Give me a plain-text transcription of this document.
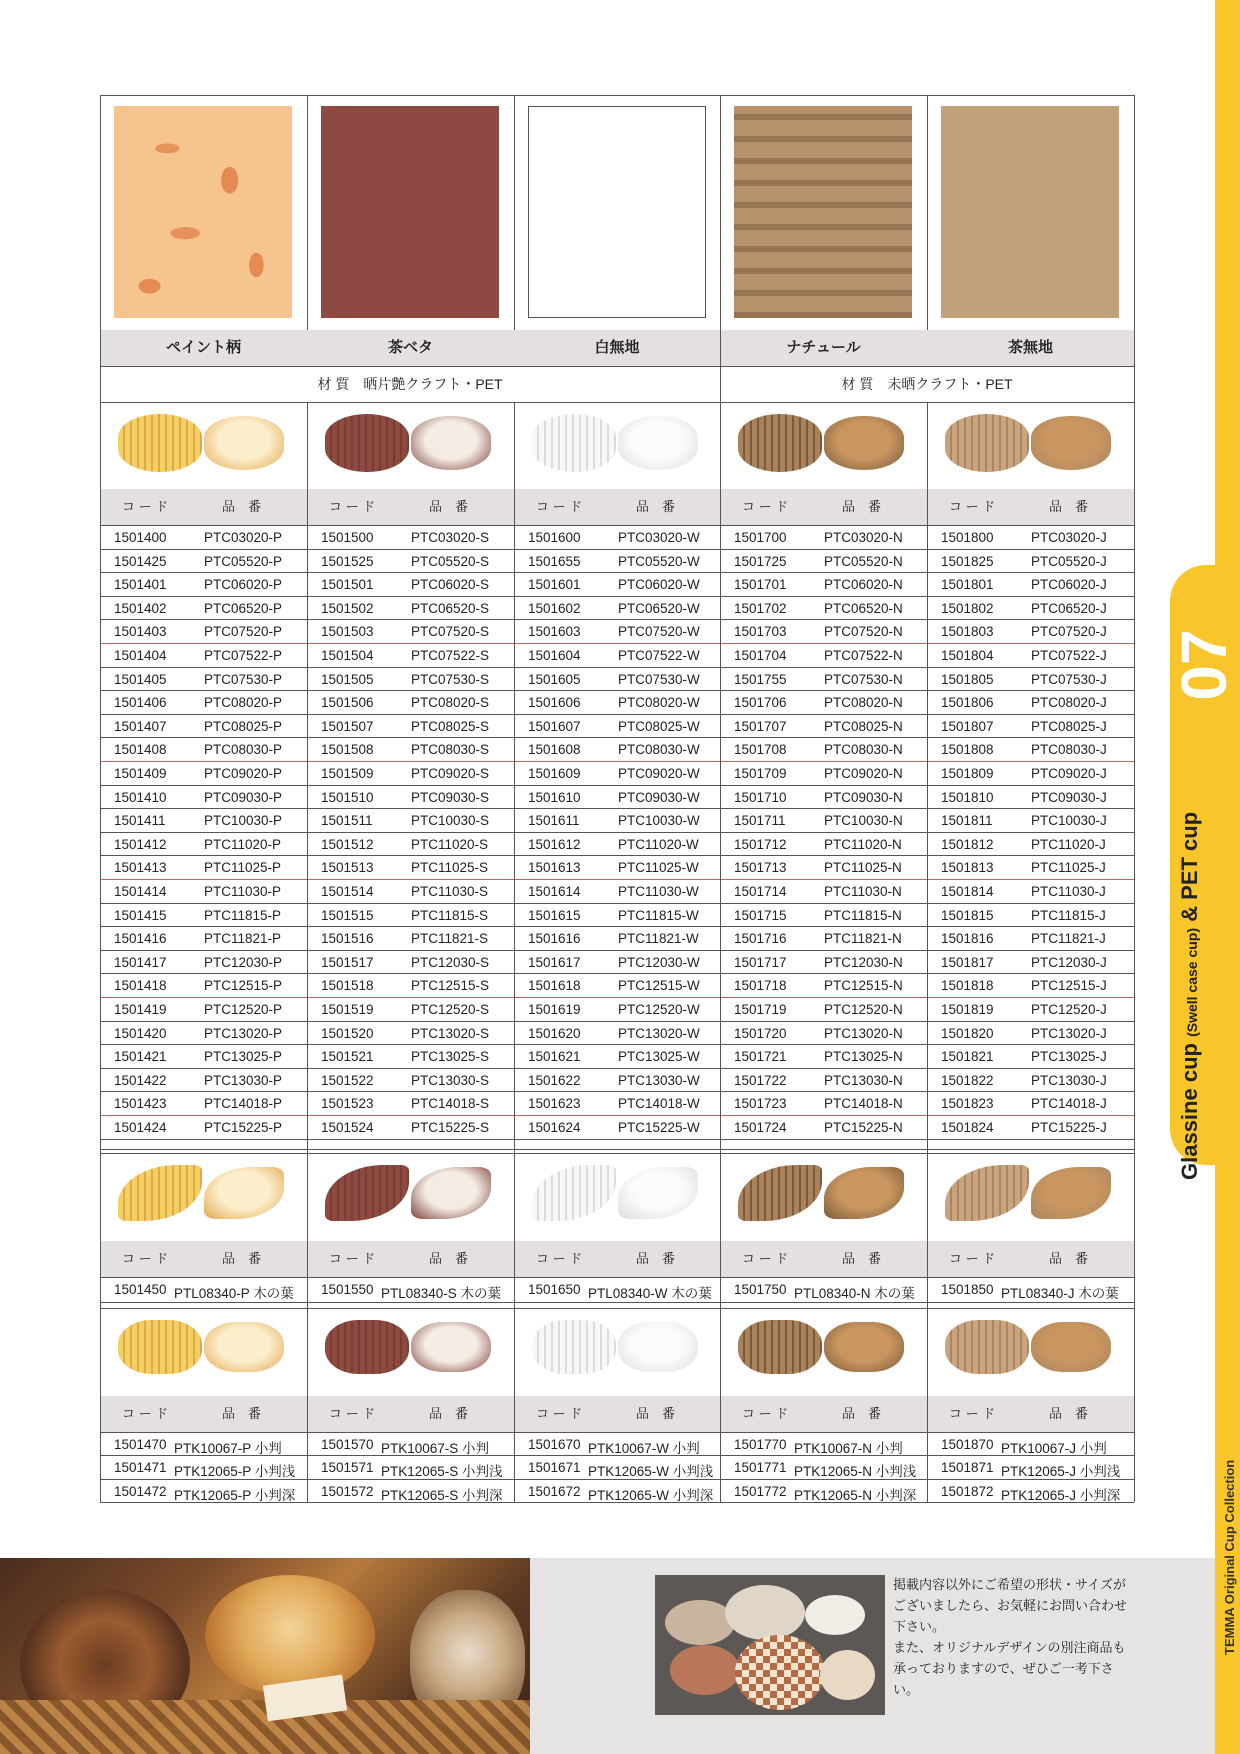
07
Glassine cup (Swell case cup) & PET cup
TEMMA Original Cup Collection

掲載内容以外にご希望の形状・サイズが

ございましたら、お気軽にお問い合わせ

下さい。

また、オリジナルデザインの別注商品も

承っておりますので、ぜひご一考下さい。

ペイント柄	茶ベタ	白無地	ナチュール	茶無地
材 質　晒片艶クラフト・PET	材 質　未晒クラフト・PET
コ ー ド	品　番	コ ー ド	品　番	コ ー ド	品　番	コ ー ド	品　番	コ ー ド	品　番
1501400	PTC03020-P	1501500	PTC03020-S	1501600	PTC03020-W	1501700	PTC03020-N	1501800	PTC03020-J
1501425	PTC05520-P	1501525	PTC05520-S	1501655	PTC05520-W	1501725	PTC05520-N	1501825	PTC05520-J
1501401	PTC06020-P	1501501	PTC06020-S	1501601	PTC06020-W	1501701	PTC06020-N	1501801	PTC06020-J
1501402	PTC06520-P	1501502	PTC06520-S	1501602	PTC06520-W	1501702	PTC06520-N	1501802	PTC06520-J
1501403	PTC07520-P	1501503	PTC07520-S	1501603	PTC07520-W	1501703	PTC07520-N	1501803	PTC07520-J
1501404	PTC07522-P	1501504	PTC07522-S	1501604	PTC07522-W	1501704	PTC07522-N	1501804	PTC07522-J
1501405	PTC07530-P	1501505	PTC07530-S	1501605	PTC07530-W	1501755	PTC07530-N	1501805	PTC07530-J
1501406	PTC08020-P	1501506	PTC08020-S	1501606	PTC08020-W	1501706	PTC08020-N	1501806	PTC08020-J
1501407	PTC08025-P	1501507	PTC08025-S	1501607	PTC08025-W	1501707	PTC08025-N	1501807	PTC08025-J
1501408	PTC08030-P	1501508	PTC08030-S	1501608	PTC08030-W	1501708	PTC08030-N	1501808	PTC08030-J
1501409	PTC09020-P	1501509	PTC09020-S	1501609	PTC09020-W	1501709	PTC09020-N	1501809	PTC09020-J
1501410	PTC09030-P	1501510	PTC09030-S	1501610	PTC09030-W	1501710	PTC09030-N	1501810	PTC09030-J
1501411	PTC10030-P	1501511	PTC10030-S	1501611	PTC10030-W	1501711	PTC10030-N	1501811	PTC10030-J
1501412	PTC11020-P	1501512	PTC11020-S	1501612	PTC11020-W	1501712	PTC11020-N	1501812	PTC11020-J
1501413	PTC11025-P	1501513	PTC11025-S	1501613	PTC11025-W	1501713	PTC11025-N	1501813	PTC11025-J
1501414	PTC11030-P	1501514	PTC11030-S	1501614	PTC11030-W	1501714	PTC11030-N	1501814	PTC11030-J
1501415	PTC11815-P	1501515	PTC11815-S	1501615	PTC11815-W	1501715	PTC11815-N	1501815	PTC11815-J
1501416	PTC11821-P	1501516	PTC11821-S	1501616	PTC11821-W	1501716	PTC11821-N	1501816	PTC11821-J
1501417	PTC12030-P	1501517	PTC12030-S	1501617	PTC12030-W	1501717	PTC12030-N	1501817	PTC12030-J
1501418	PTC12515-P	1501518	PTC12515-S	1501618	PTC12515-W	1501718	PTC12515-N	1501818	PTC12515-J
1501419	PTC12520-P	1501519	PTC12520-S	1501619	PTC12520-W	1501719	PTC12520-N	1501819	PTC12520-J
1501420	PTC13020-P	1501520	PTC13020-S	1501620	PTC13020-W	1501720	PTC13020-N	1501820	PTC13020-J
1501421	PTC13025-P	1501521	PTC13025-S	1501621	PTC13025-W	1501721	PTC13025-N	1501821	PTC13025-J
1501422	PTC13030-P	1501522	PTC13030-S	1501622	PTC13030-W	1501722	PTC13030-N	1501822	PTC13030-J
1501423	PTC14018-P	1501523	PTC14018-S	1501623	PTC14018-W	1501723	PTC14018-N	1501823	PTC14018-J
1501424	PTC15225-P	1501524	PTC15225-S	1501624	PTC15225-W	1501724	PTC15225-N	1501824	PTC15225-J
コ ー ド	品　番	コ ー ド	品　番	コ ー ド	品　番	コ ー ド	品　番	コ ー ド	品　番
1501450 PTL08340-P 木の葉 1501550 PTL08340-S 木の葉 1501650 PTL08340-W 木の葉 1501750 PTL08340-N 木の葉 1501850 PTL08340-J 木の葉
コ ー ド	品　番	コ ー ド	品　番	コ ー ド	品　番	コ ー ド	品　番	コ ー ド	品　番
1501470 PTK10067-P 小判	1501570 PTK10067-S 小判	1501670 PTK10067-W 小判	1501770 PTK10067-N 小判	1501870 PTK10067-J 小判
1501471 PTK12065-P 小判浅 1501571 PTK12065-S 小判浅 1501671 PTK12065-W 小判浅 1501771 PTK12065-N 小判浅 1501871 PTK12065-J 小判浅
1501472 PTK12065-P 小判深 1501572 PTK12065-S 小判深 1501672 PTK12065-W 小判深 1501772 PTK12065-N 小判深 1501872 PTK12065-J 小判深
